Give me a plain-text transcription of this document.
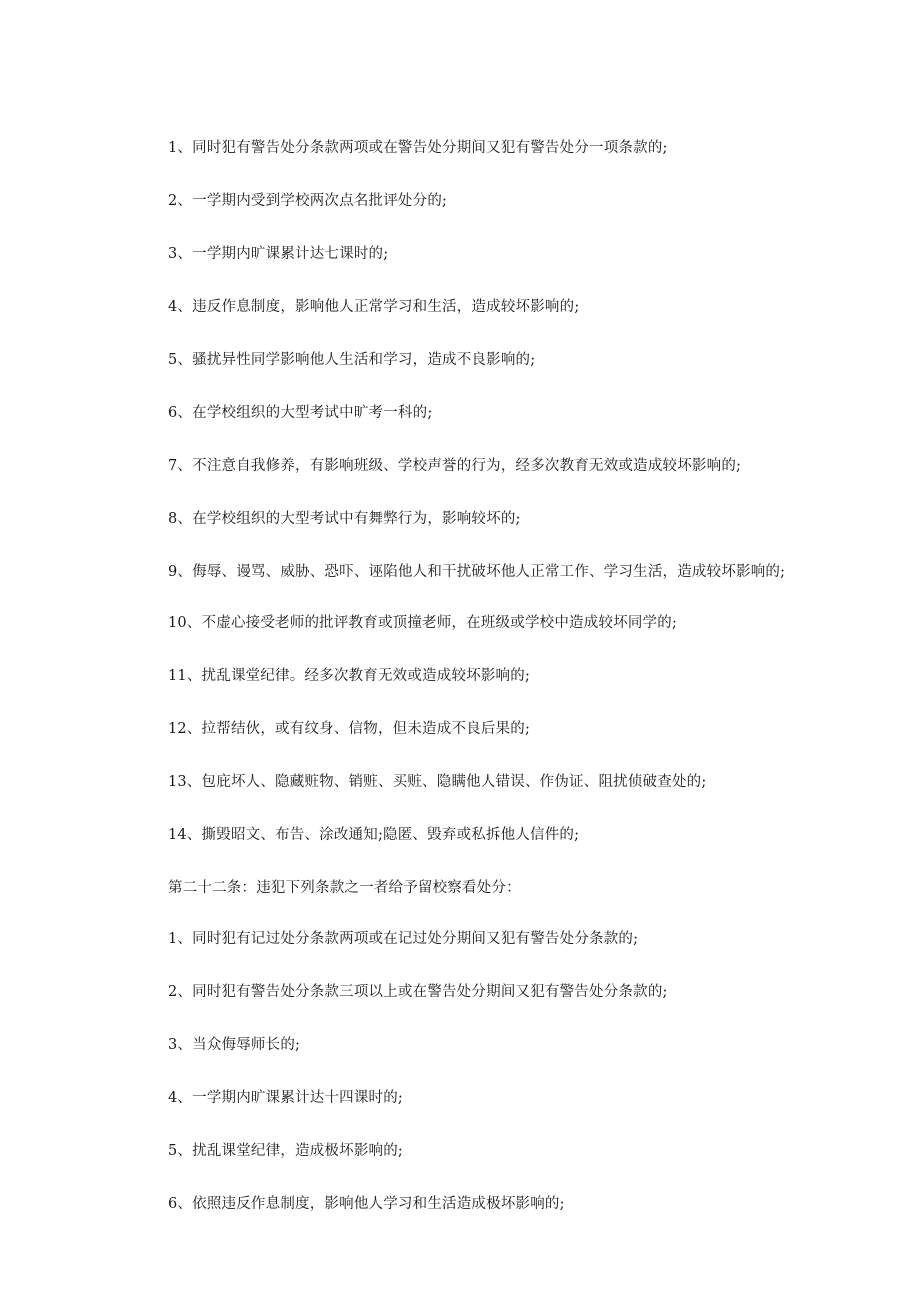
1、同时犯有警告处分条款两项或在警告处分期间又犯有警告处分一项条款的;

2、一学期内受到学校两次点名批评处分的;

3、一学期内旷课累计达七课时的;

4、违反作息制度，影响他人正常学习和生活，造成较坏影响的;

5、骚扰异性同学影响他人生活和学习，造成不良影响的;

6、在学校组织的大型考试中旷考一科的;

7、不注意自我修养，有影响班级、学校声誉的行为，经多次教育无效或造成较坏影响的;

8、在学校组织的大型考试中有舞弊行为，影响较坏的;

9、侮辱、谩骂、威胁、恐吓、诬陷他人和干扰破坏他人正常工作、学习生活，造成较坏影响的;

10、不虚心接受老师的批评教育或顶撞老师，在班级或学校中造成较坏同学的;

11、扰乱课堂纪律。经多次教育无效或造成较坏影响的;

12、拉帮结伙，或有纹身、信物，但未造成不良后果的;

13、包庇坏人、隐藏赃物、销赃、买赃、隐瞒他人错误、作伪证、阻扰侦破查处的;

14、撕毁昭文、布告、涂改通知;隐匿、毁弃或私拆他人信件的;

第二十二条：违犯下列条款之一者给予留校察看处分：

1、同时犯有记过处分条款两项或在记过处分期间又犯有警告处分条款的;

2、同时犯有警告处分条款三项以上或在警告处分期间又犯有警告处分条款的;

3、当众侮辱师长的;

4、一学期内旷课累计达十四课时的;

5、扰乱课堂纪律，造成极坏影响的;

6、依照违反作息制度，影响他人学习和生活造成极坏影响的;
